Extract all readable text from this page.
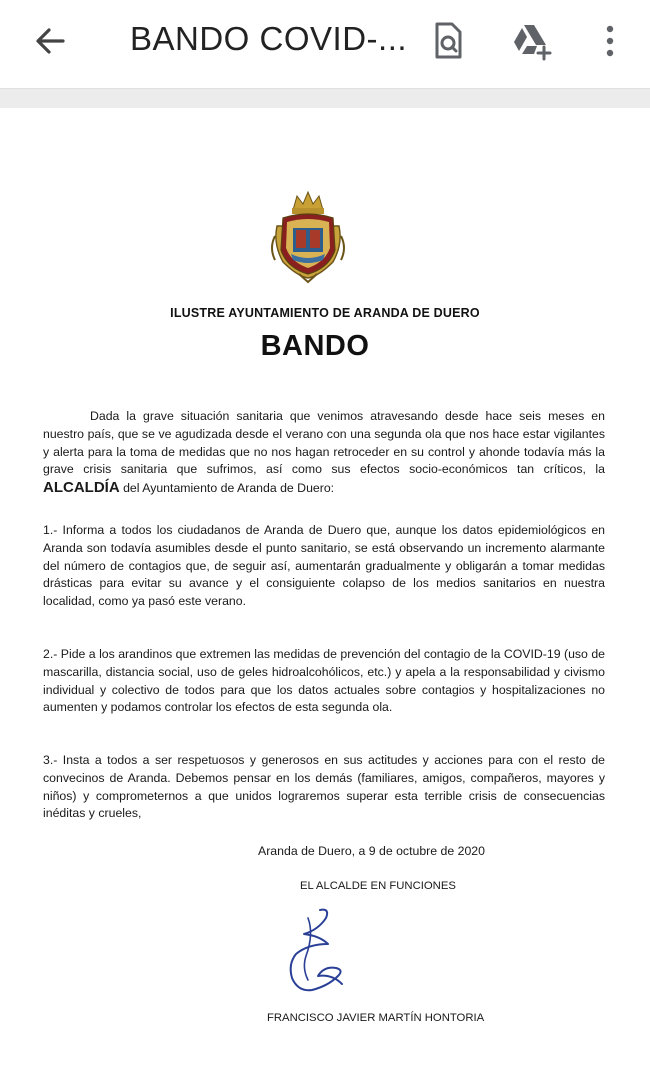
BANDO COVID-...
ILUSTRE AYUNTAMIENTO DE ARANDA DE DUERO
BANDO

Dada la grave situación sanitaria que venimos atravesando desde hace seis meses en nuestro país, que se ve agudizada desde el verano con una segunda ola que nos hace estar vigilantes y alerta para la toma de medidas que no nos hagan retroceder en su control y ahonde todavía más la grave crisis sanitaria que sufrimos, así como sus efectos socio-económicos tan críticos, la ALCALDÍA del Ayuntamiento de Aranda de Duero:

1.- Informa a todos los ciudadanos de Aranda de Duero que, aunque los datos epidemiológicos en Aranda son todavía asumibles desde el punto sanitario, se está observando un incremento alarmante del número de contagios que, de seguir así, aumentarán gradualmente y obligarán a tomar medidas drásticas para evitar su avance y el consiguiente colapso de los medios sanitarios en nuestra localidad, como ya pasó este verano.

2.- Pide a los arandinos que extremen las medidas de prevención del contagio de la COVID-19 (uso de mascarilla, distancia social, uso de geles hidroalcohólicos, etc.) y apela a la responsabilidad y civismo individual y colectivo de todos para que los datos actuales sobre contagios y hospitalizaciones no aumenten y podamos controlar los efectos de esta segunda ola.

3.- Insta a todos a ser respetuosos y generosos en sus actitudes y acciones para con el resto de convecinos de Aranda. Debemos pensar en los demás (familiares, amigos, compañeros, mayores y niños) y comprometernos a que unidos lograremos superar esta terrible crisis de consecuencias inéditas y crueles,

Aranda de Duero, a 9 de octubre de 2020
EL ALCALDE EN FUNCIONES
FRANCISCO JAVIER MARTÍN HONTORIA
